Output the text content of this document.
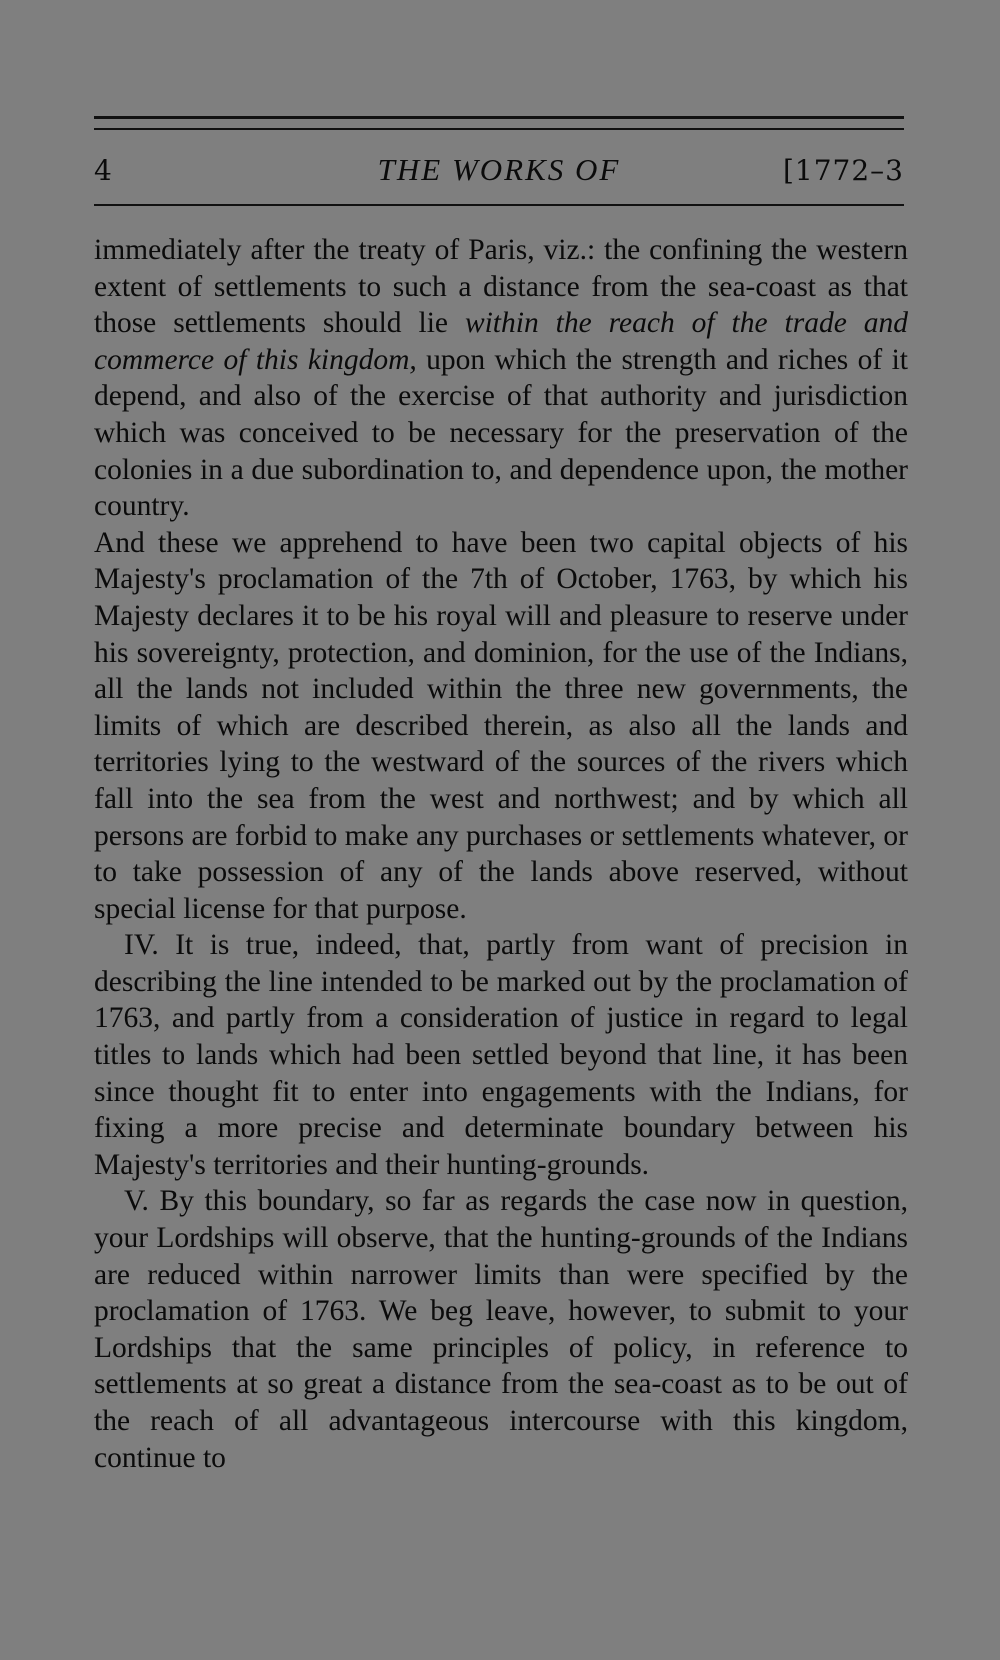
4	THE WORKS OF	[1772–3

immediately after the treaty of Paris, viz.: the confining the western extent of settlements to such a distance from the sea-coast as that those settlements should lie within the reach of the trade and commerce of this kingdom, upon which the strength and riches of it depend, and also of the exercise of that authority and jurisdiction which was conceived to be necessary for the preservation of the colonies in a due subordination to, and dependence upon, the mother country.

And these we apprehend to have been two capital objects of his Majesty's proclamation of the 7th of October, 1763, by which his Majesty declares it to be his royal will and pleasure to reserve under his sovereignty, protection, and dominion, for the use of the Indians, all the lands not included within the three new governments, the limits of which are described therein, as also all the lands and territories lying to the westward of the sources of the rivers which fall into the sea from the west and northwest; and by which all persons are forbid to make any purchases or settlements whatever, or to take possession of any of the lands above reserved, without special license for that purpose.

IV. It is true, indeed, that, partly from want of precision in describing the line intended to be marked out by the proclamation of 1763, and partly from a consideration of justice in regard to legal titles to lands which had been settled beyond that line, it has been since thought fit to enter into engagements with the Indians, for fixing a more precise and determinate boundary between his Majesty's territories and their hunting-grounds.

V. By this boundary, so far as regards the case now in question, your Lordships will observe, that the hunting-grounds of the Indians are reduced within narrower limits than were specified by the proclamation of 1763. We beg leave, however, to submit to your Lordships that the same principles of policy, in reference to settlements at so great a distance from the sea-coast as to be out of the reach of all advantageous intercourse with this kingdom, continue to
